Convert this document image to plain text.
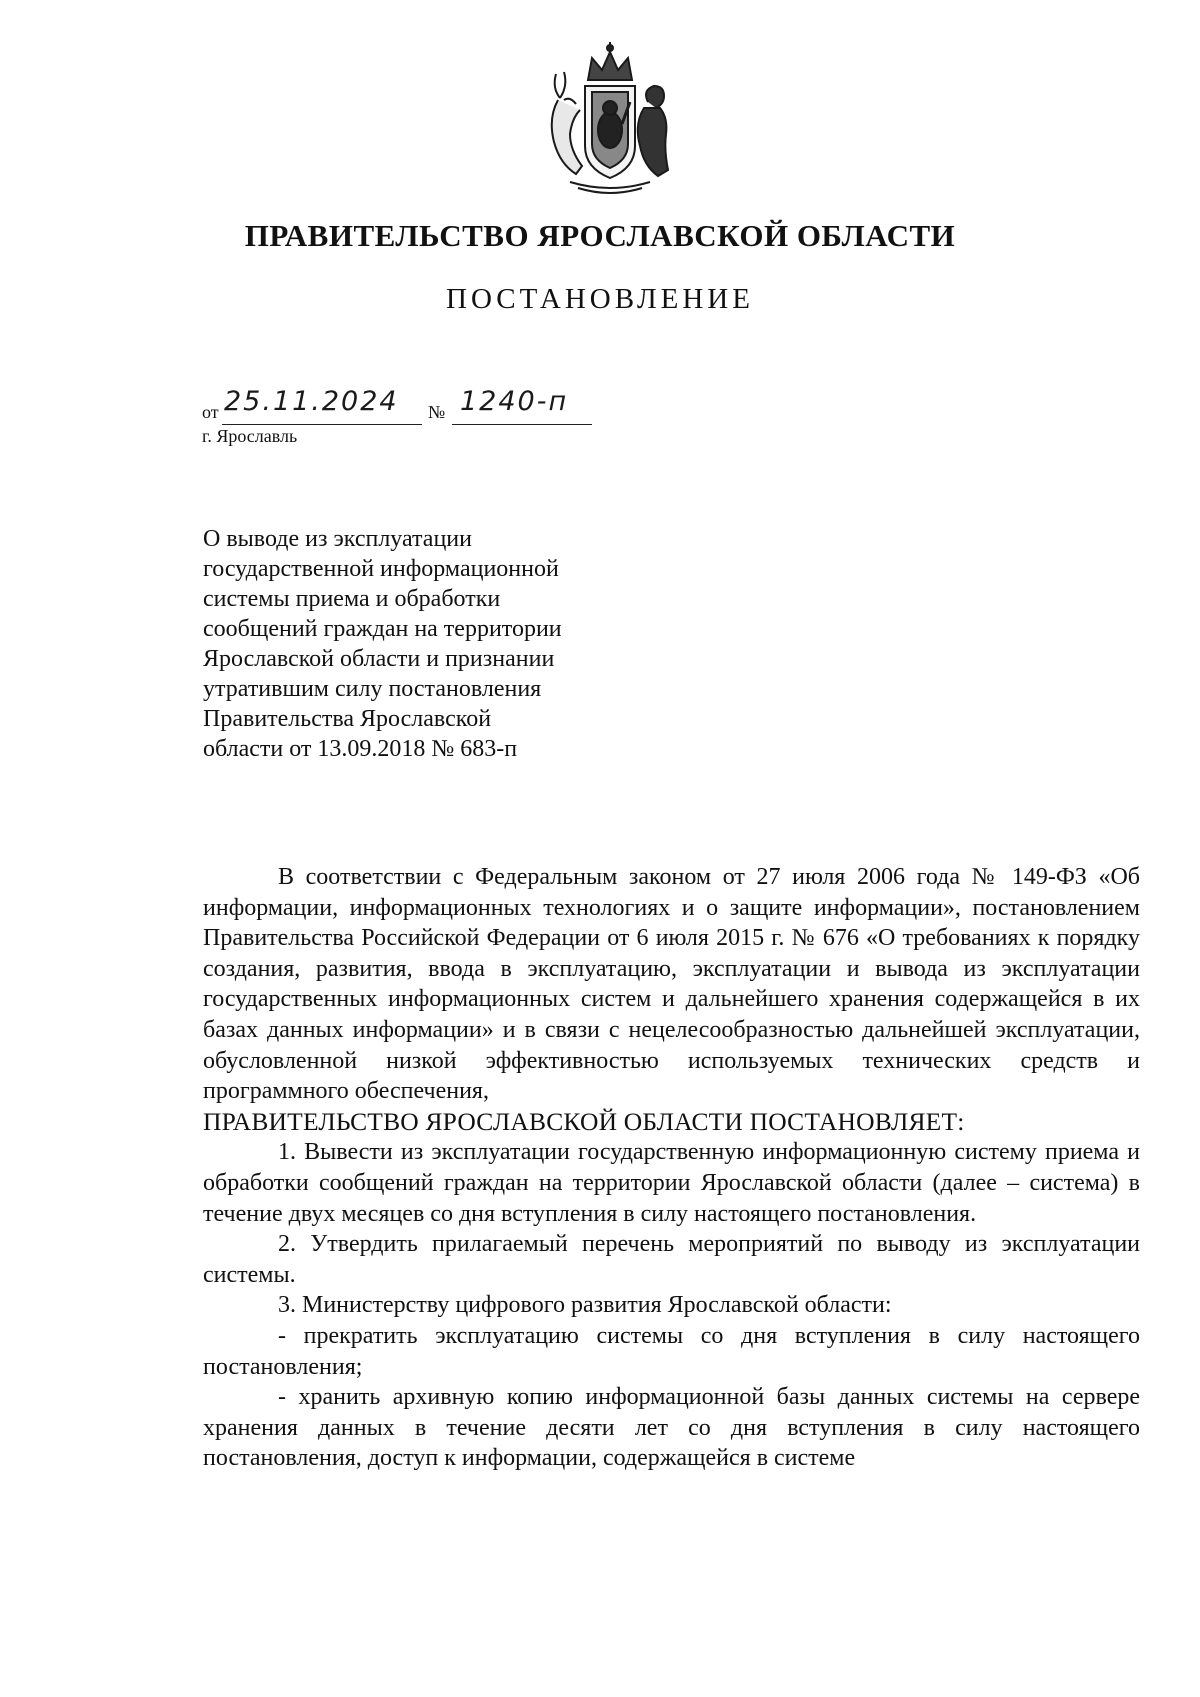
ПРАВИТЕЛЬСТВО ЯРОСЛАВСКОЙ ОБЛАСТИ
ПОСТАНОВЛЕНИЕ
от 25.11.2024 № 1240-п
г. Ярославль
О выводе из эксплуатации
государственной информационной
системы приема и обработки
сообщений граждан на территории
Ярославской области и признании
утратившим силу постановления
Правительства Ярославской
области от 13.09.2018 № 683-п

В соответствии с Федеральным законом от 27 июля 2006 года № 149-ФЗ «Об информации, информационных технологиях и о защите информации», постановлением Правительства Российской Федерации от 6 июля 2015 г. № 676 «О требованиях к порядку создания, развития, ввода в эксплуатацию, эксплуатации и вывода из эксплуатации государственных информационных систем и дальнейшего хранения содержащейся в их базах данных информации» и в связи с нецелесообразностью дальнейшей эксплуатации, обусловленной низкой эффективностью используемых технических средств и программного обеспечения,

ПРАВИТЕЛЬСТВО ЯРОСЛАВСКОЙ ОБЛАСТИ ПОСТАНОВЛЯЕТ:

1. Вывести из эксплуатации государственную информационную систему приема и обработки сообщений граждан на территории Ярославской области (далее – система) в течение двух месяцев со дня вступления в силу настоящего постановления.

2. Утвердить прилагаемый перечень мероприятий по выводу из эксплуатации системы.

3. Министерству цифрового развития Ярославской области:

- прекратить эксплуатацию системы со дня вступления в силу настоящего постановления;

- хранить архивную копию информационной базы данных системы на сервере хранения данных в течение десяти лет со дня вступления в силу настоящего постановления, доступ к информации, содержащейся в системе
